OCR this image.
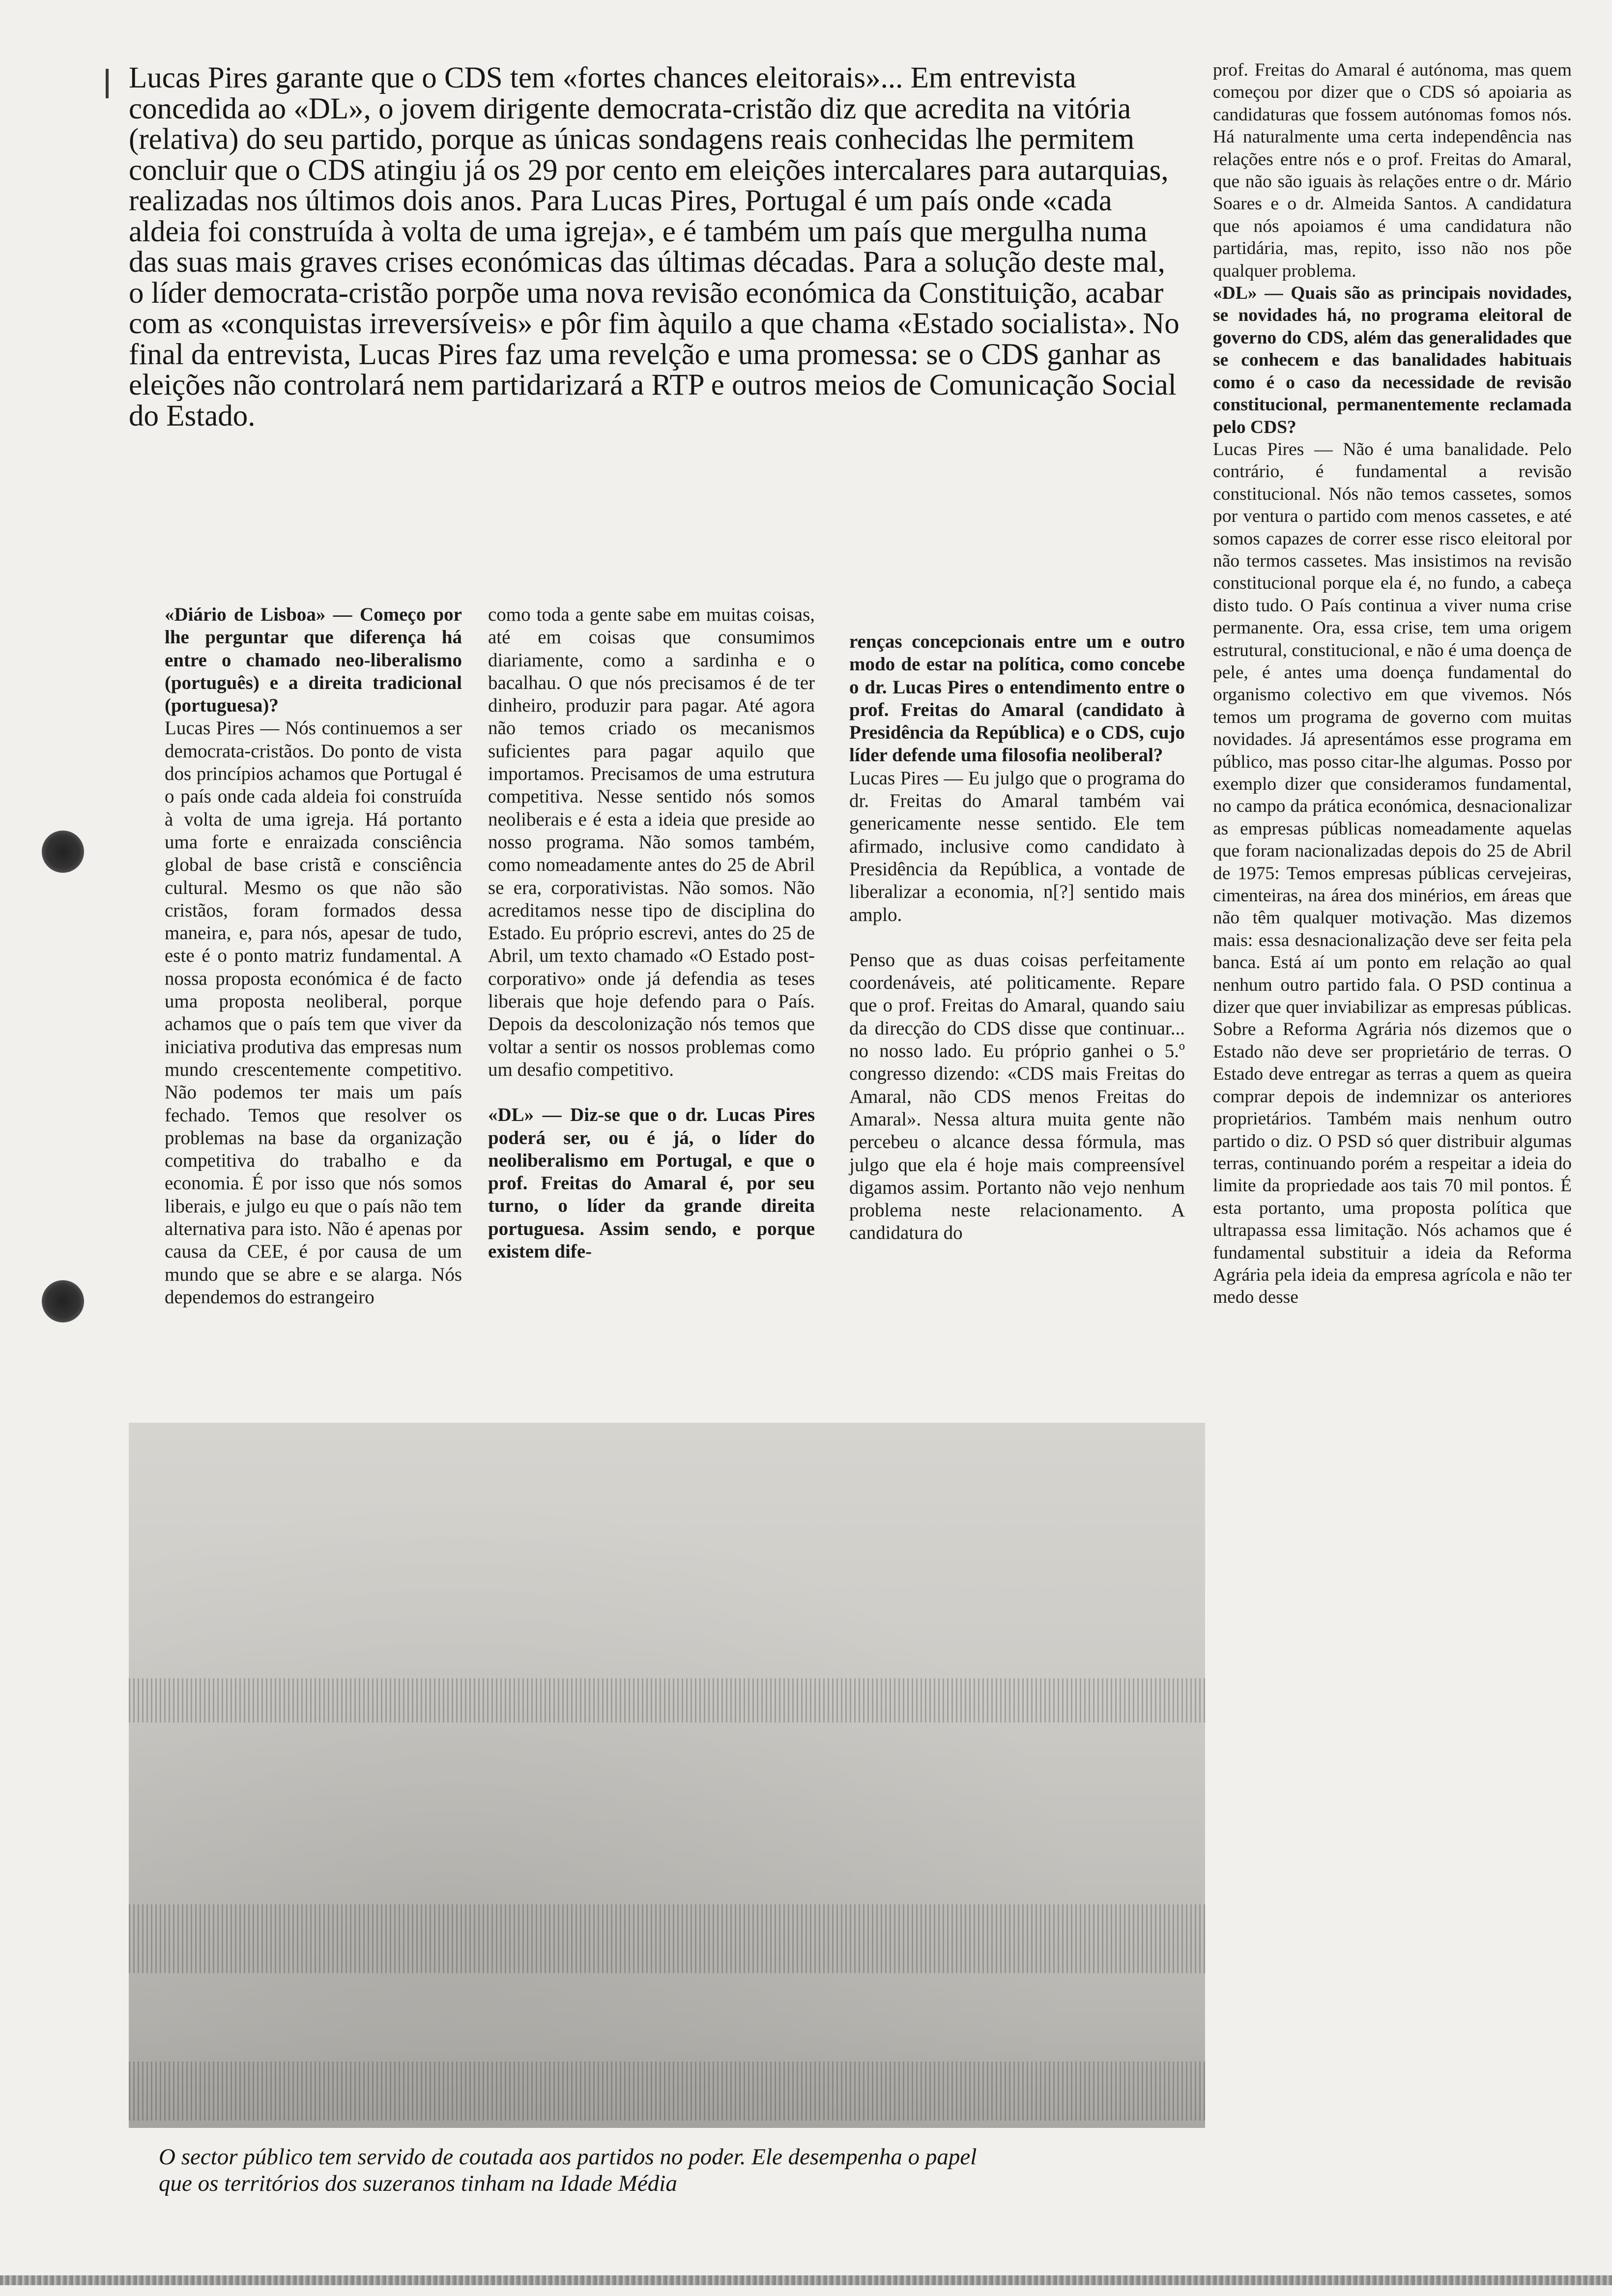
Lucas Pires garante que o CDS tem «fortes chances eleitorais»... Em entrevista concedida ao «DL», o jovem dirigente democrata-cristão diz que acredita na vitória (relativa) do seu partido, porque as únicas sondagens reais conhecidas lhe permitem concluir que o CDS atingiu já os 29 por cento em eleições intercalares para autarquias, realizadas nos últimos dois anos. Para Lucas Pires, Portugal é um país onde «cada aldeia foi construída à volta de uma igreja», e é também um país que mergulha numa das suas mais graves crises económicas das últimas décadas. Para a solução deste mal, o líder democrata-cristão porpõe uma nova revisão económica da Constituição, acabar com as «conquistas irreversíveis» e pôr fim àquilo a que chama «Estado socialista». No final da entrevista, Lucas Pires faz uma revelção e uma promessa: se o CDS ganhar as eleições não controlará nem partidarizará a RTP e outros meios de Comunicação Social do Estado.

«Diário de Lisboa» — Começo por lhe perguntar que diferença há entre o chamado neo-liberalismo (português) e a direita tradicional (portuguesa)?

Lucas Pires — Nós continuemos a ser democrata-cristãos. Do ponto de vista dos princípios achamos que Portugal é o país onde cada aldeia foi construída à volta de uma igreja. Há portanto uma forte e enraizada consciência global de base cristã e consciência cultural. Mesmo os que não são cristãos, foram formados dessa maneira, e, para nós, apesar de tudo, este é o ponto matriz fundamental. A nossa proposta económica é de facto uma proposta neoliberal, porque achamos que o país tem que viver da iniciativa produtiva das empresas num mundo crescentemente competitivo. Não podemos ter mais um país fechado. Temos que resolver os problemas na base da organização competitiva do trabalho e da economia. É por isso que nós somos liberais, e julgo eu que o país não tem alternativa para isto. Não é apenas por causa da CEE, é por causa de um mundo que se abre e se alarga. Nós dependemos do estrangeiro

como toda a gente sabe em muitas coisas, até em coisas que consumimos diariamente, como a sardinha e o bacalhau. O que nós precisamos é de ter dinheiro, produzir para pagar. Até agora não temos criado os mecanismos suficientes para pagar aquilo que importamos. Precisamos de uma estrutura competitiva. Nesse sentido nós somos neoliberais e é esta a ideia que preside ao nosso programa. Não somos também, como nomeadamente antes do 25 de Abril se era, corporativistas. Não somos. Não acreditamos nesse tipo de disciplina do Estado. Eu próprio escrevi, antes do 25 de Abril, um texto chamado «O Estado post-corporativo» onde já defendia as teses liberais que hoje defendo para o País. Depois da descolonização nós temos que voltar a sentir os nossos problemas como um desafio competitivo.

«DL» — Diz-se que o dr. Lucas Pires poderá ser, ou é já, o líder do neoliberalismo em Portugal, e que o prof. Freitas do Amaral é, por seu turno, o líder da grande direita portuguesa. Assim sendo, e porque existem dife-

renças concepcionais entre um e outro modo de estar na política, como concebe o dr. Lucas Pires o entendimento entre o prof. Freitas do Amaral (candidato à Presidência da República) e o CDS, cujo líder defende uma filosofia neoliberal?

Lucas Pires — Eu julgo que o programa do dr. Freitas do Amaral também vai genericamente nesse sentido. Ele tem afirmado, inclusive como candidato à Presidência da República, a vontade de liberalizar a economia, n[?] sentido mais amplo.

Penso que as duas coisas perfeitamente coordenáveis, até politicamente. Repare que o prof. Freitas do Amaral, quando saiu da direcção do CDS disse que continuar... no nosso lado. Eu próprio ganhei o 5.º congresso dizendo: «CDS mais Freitas do Amaral, não CDS menos Freitas do Amaral». Nessa altura muita gente não percebeu o alcance dessa fórmula, mas julgo que ela é hoje mais compreensível digamos assim. Portanto não vejo nenhum problema neste relacionamento. A candidatura do

prof. Freitas do Amaral é autónoma, mas quem começou por dizer que o CDS só apoiaria as candidaturas que fossem autónomas fomos nós. Há naturalmente uma certa independência nas relações entre nós e o prof. Freitas do Amaral, que não são iguais às relações entre o dr. Mário Soares e o dr. Almeida Santos. A candidatura que nós apoiamos é uma candidatura não partidária, mas, repito, isso não nos põe qualquer problema.

«DL» — Quais são as principais novidades, se novidades há, no programa eleitoral de governo do CDS, além das generalidades que se conhecem e das banalidades habituais como é o caso da necessidade de revisão constitucional, permanentemente reclamada pelo CDS?

Lucas Pires — Não é uma banalidade. Pelo contrário, é fundamental a revisão constitucional. Nós não temos cassetes, somos por ventura o partido com menos cassetes, e até somos capazes de correr esse risco eleitoral por não termos cassetes. Mas insistimos na revisão constitucional porque ela é, no fundo, a cabeça disto tudo. O País continua a viver numa crise permanente. Ora, essa crise, tem uma origem estrutural, constitucional, e não é uma doença de pele, é antes uma doença fundamental do organismo colectivo em que vivemos. Nós temos um programa de governo com muitas novidades. Já apresentámos esse programa em público, mas posso citar-lhe algumas. Posso por exemplo dizer que consideramos fundamental, no campo da prática económica, desnacionalizar as empresas públicas nomeadamente aquelas que foram nacionalizadas depois do 25 de Abril de 1975: Temos empresas públicas cervejeiras, cimenteiras, na área dos minérios, em áreas que não têm qualquer motivação. Mas dizemos mais: essa desnacionalização deve ser feita pela banca. Está aí um ponto em relação ao qual nenhum outro partido fala. O PSD continua a dizer que quer inviabilizar as empresas públicas. Sobre a Reforma Agrária nós dizemos que o Estado não deve ser proprietário de terras. O Estado deve entregar as terras a quem as queira comprar depois de indemnizar os anteriores proprietários. Também mais nenhum outro partido o diz. O PSD só quer distribuir algumas terras, continuando porém a respeitar a ideia do limite da propriedade aos tais 70 mil pontos. É esta portanto, uma proposta política que ultrapassa essa limitação. Nós achamos que é fundamental substituir a ideia da Reforma Agrária pela ideia da empresa agrícola e não ter medo desse

O sector público tem servido de coutada aos partidos no poder. Ele desempenha o papel
que os territórios dos suzeranos tinham na Idade Média
